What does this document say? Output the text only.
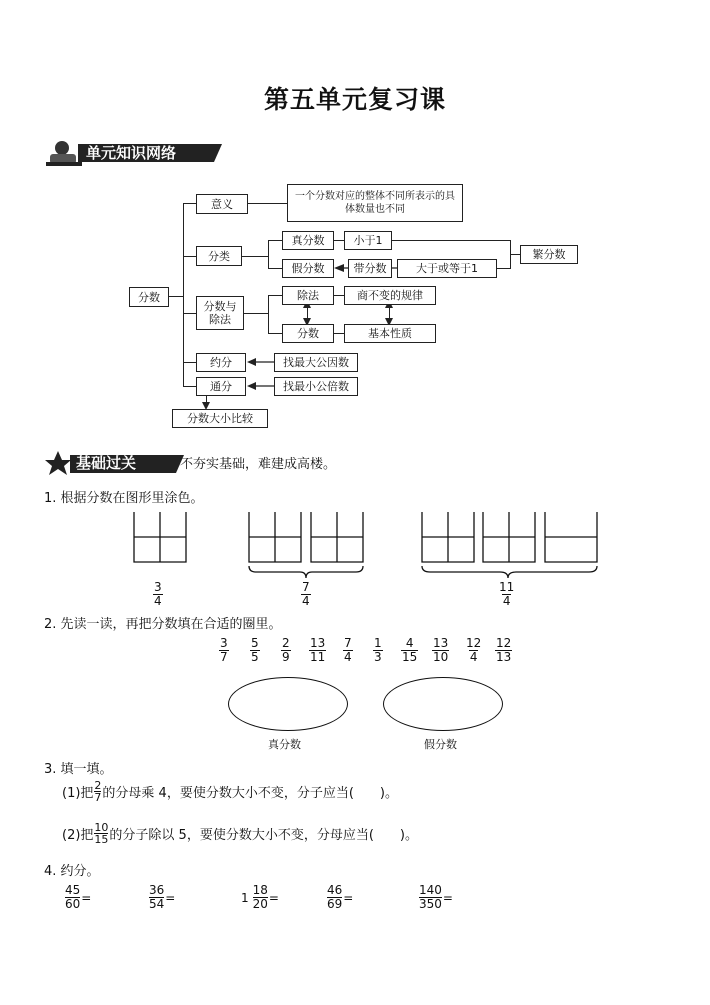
第五单元复习课
单元知识网络
分数
意义
一个分数对应的整体不同所表示的具体数量也不同
分类
真分数	小于1
假分数	带分数	大于或等于1
繁分数
分数与除法
除法	商不变的规律
分数	基本性质
约分	找最大公因数
通分	找最小公倍数
分数大小比较
基础过关	不夯实基础，难建成高楼。
1. 根据分数在图形里涂色。
$\frac{3}{4}$	$\frac{7}{4}$	$\frac{11}{4}$
2. 先读一读，再把分数填在合适的圈里。
$\frac{3}{7} \frac{5}{5} \frac{2}{9} \frac{13}{11} \frac{7}{4} \frac{1}{3} \frac{4}{15} \frac{13}{10} \frac{12}{4} \frac{12}{13}$
真分数	假分数
3. 填一填。
(1)把 $\frac{2}{7}$ 的分母乘 4，要使分数大小不变，分子应当(　　)。
(2)把 $\frac{10}{15}$ 的分子除以 5，要使分数大小不变，分母应当(　　)。
4. 约分。
$\frac{45}{60}$ =	$\frac{36}{54}$ =	$1 \frac{18}{20}$ =	$\frac{46}{69}$ =	$\frac{140}{350}$ =
